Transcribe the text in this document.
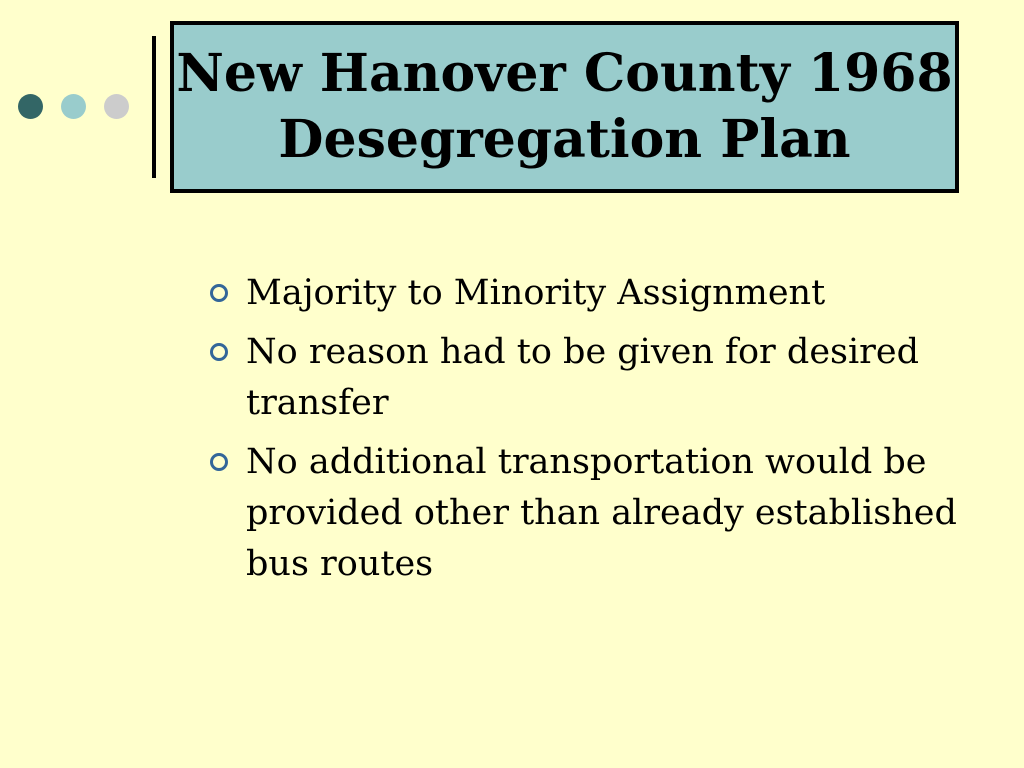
New Hanover County 1968
Desegregation Plan
Majority to Minority Assignment
No reason had to be given for desired transfer
No additional transportation would be provided other than already established bus routes
